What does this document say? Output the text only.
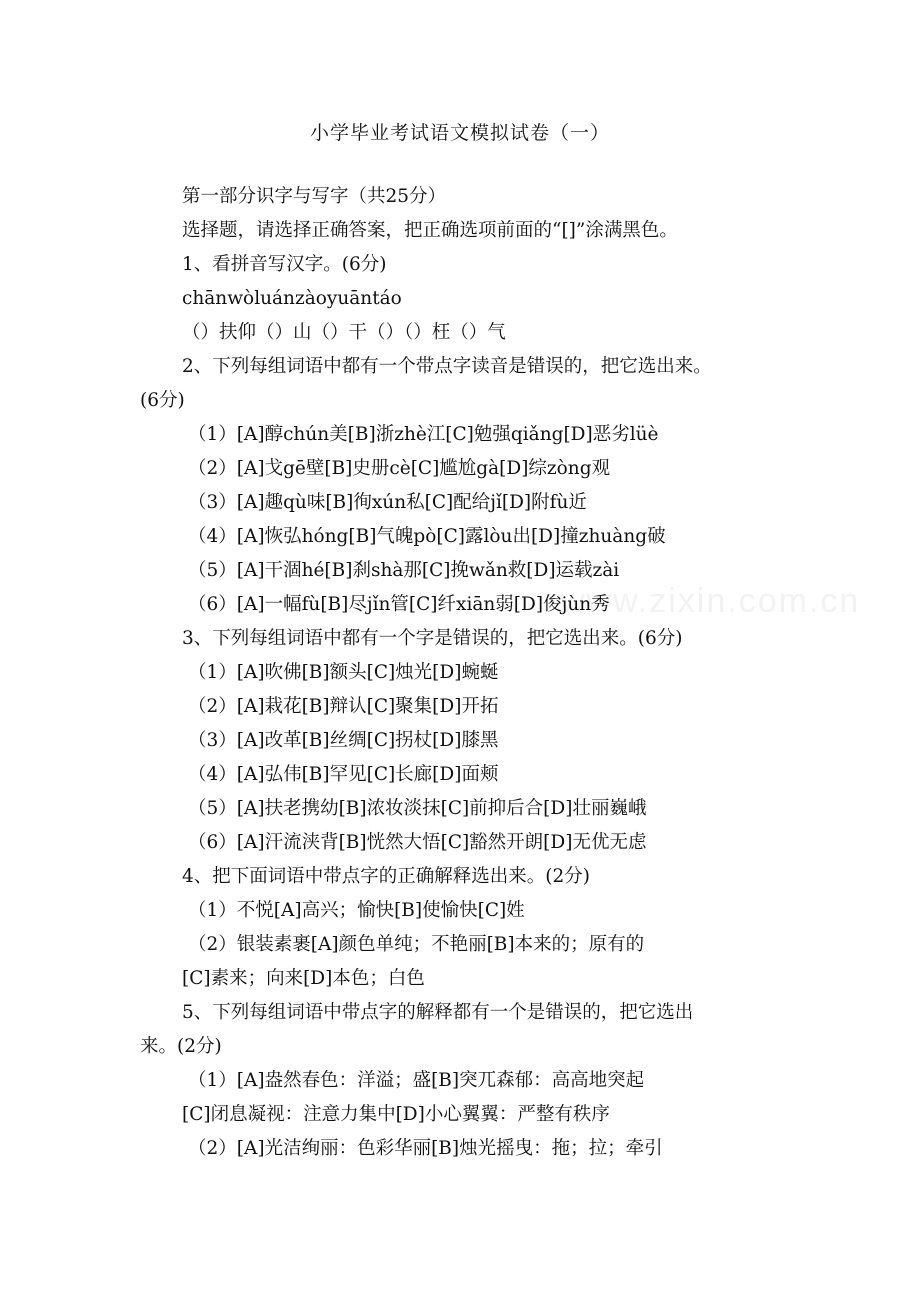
www.zixin.com.cn
小学毕业考试语文模拟试卷（一）
第一部分识字与写字（共25分）
选择题，请选择正确答案，把正确选项前面的“[]”涂满黑色。
1、看拼音写汉字。(6分)
chānwòluánzàoyuāntáo
（）扶仰（）山（）干（）（）枉（）气
2、下列每组词语中都有一个带点字读音是错误的，把它选出来。
(6分)
（1）[A]醇chún美[B]浙zhè江[C]勉强qiǎng[D]恶劣lüè
（2）[A]戈gē壁[B]史册cè[C]尴尬gà[D]综zòng观
（3）[A]趣qù味[B]徇xún私[C]配给jǐ[D]附fù近
（4）[A]恢弘hóng[B]气魄pò[C]露lòu出[D]撞zhuàng破
（5）[A]干涸hé[B]刹shà那[C]挽wǎn救[D]运载zài
（6）[A]一幅fù[B]尽jǐn管[C]纤xiān弱[D]俊jùn秀
3、下列每组词语中都有一个字是错误的，把它选出来。(6分)
（1）[A]吹佛[B]额头[C]烛光[D]蜿蜒
（2）[A]栽花[B]辩认[C]聚集[D]开拓
（3）[A]改革[B]丝绸[C]拐杖[D]膝黑
（4）[A]弘伟[B]罕见[C]长廊[D]面颊
（5）[A]扶老携幼[B]浓妆淡抹[C]前抑后合[D]壮丽巍峨
（6）[A]汗流浃背[B]恍然大悟[C]豁然开朗[D]无优无虑
4、把下面词语中带点字的正确解释选出来。(2分)
（1）不悦[A]高兴；愉快[B]使愉快[C]姓
（2）银装素裹[A]颜色单纯；不艳丽[B]本来的；原有的
[C]素来；向来[D]本色；白色
5、下列每组词语中带点字的解释都有一个是错误的，把它选出
来。(2分)
（1）[A]盎然春色：洋溢；盛[B]突兀森郁：高高地突起
[C]闭息凝视：注意力集中[D]小心翼翼：严整有秩序
（2）[A]光洁绚丽：色彩华丽[B]烛光摇曳：拖；拉；牵引
